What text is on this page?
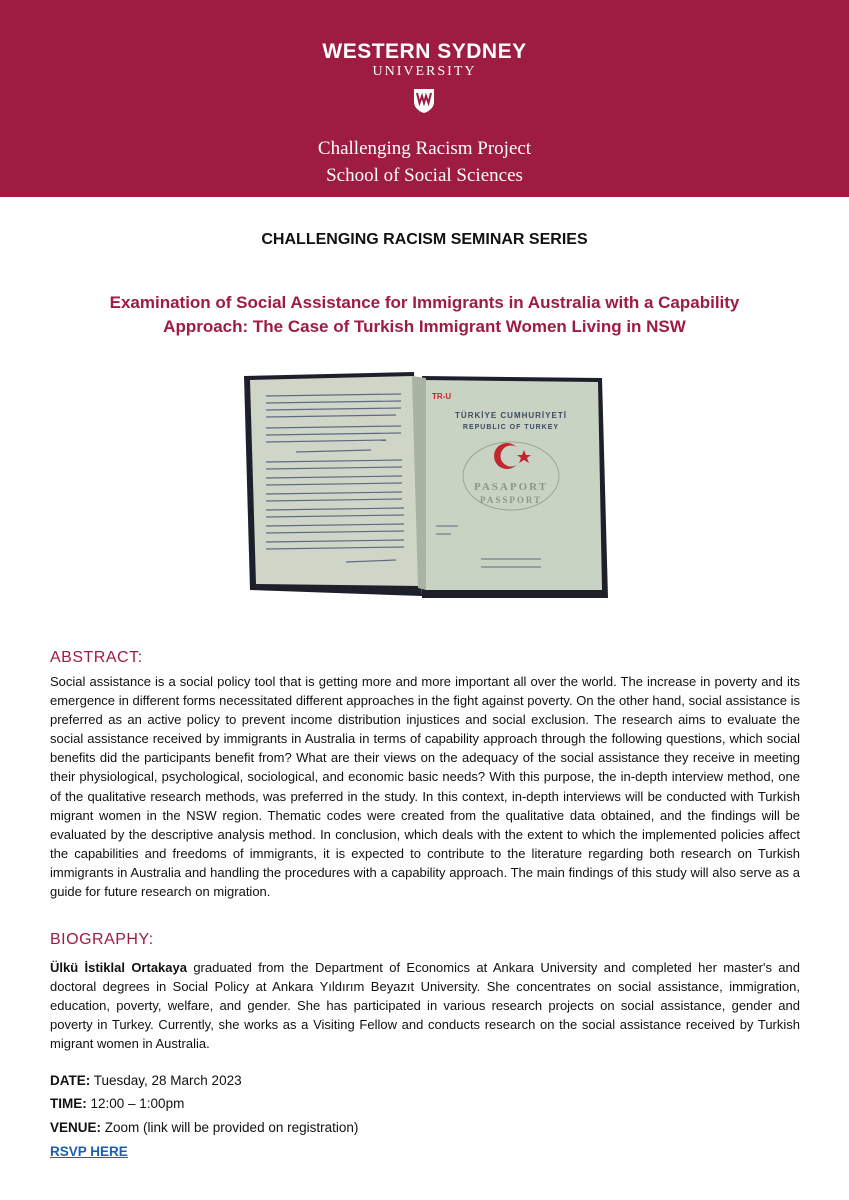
WESTERN SYDNEY
UNIVERSITY
Challenging Racism Project
School of Social Sciences
CHALLENGING RACISM SEMINAR SERIES
Examination of Social Assistance for Immigrants in Australia with a Capability
Approach: The Case of Turkish Immigrant Women Living in NSW
TR-U
TÜRKİYE CUMHURİYETİ
REPUBLIC OF TURKEY
PASAPORT
PASSPORT
ABSTRACT:
Social assistance is a social policy tool that is getting more and more important all over the world. The increase in poverty and its emergence in different forms necessitated different approaches in the fight against poverty. On the other hand, social assistance is preferred as an active policy to prevent income distribution injustices and social exclusion. The research aims to evaluate the social assistance received by immigrants in Australia in terms of capability approach through the following questions, which social benefits did the participants benefit from? What are their views on the adequacy of the social assistance they receive in meeting their physiological, psychological, sociological, and economic basic needs? With this purpose, the in-depth interview method, one of the qualitative research methods, was preferred in the study. In this context, in-depth interviews will be conducted with Turkish migrant women in the NSW region. Thematic codes were created from the qualitative data obtained, and the findings will be evaluated by the descriptive analysis method. In conclusion, which deals with the extent to which the implemented policies affect the capabilities and freedoms of immigrants, it is expected to contribute to the literature regarding both research on Turkish immigrants in Australia and handling the procedures with a capability approach. The main findings of this study will also serve as a guide for future research on migration.
BIOGRAPHY:
Ülkü İstiklal Ortakaya graduated from the Department of Economics at Ankara University and completed her master's and doctoral degrees in Social Policy at Ankara Yıldırım Beyazıt University. She concentrates on social assistance, immigration, education, poverty, welfare, and gender. She has participated in various research projects on social assistance, gender and poverty in Turkey. Currently, she works as a Visiting Fellow and conducts research on the social assistance received by Turkish migrant women in Australia.
DATE: Tuesday, 28 March 2023
TIME: 12:00 – 1:00pm
VENUE: Zoom (link will be provided on registration)
RSVP HERE
